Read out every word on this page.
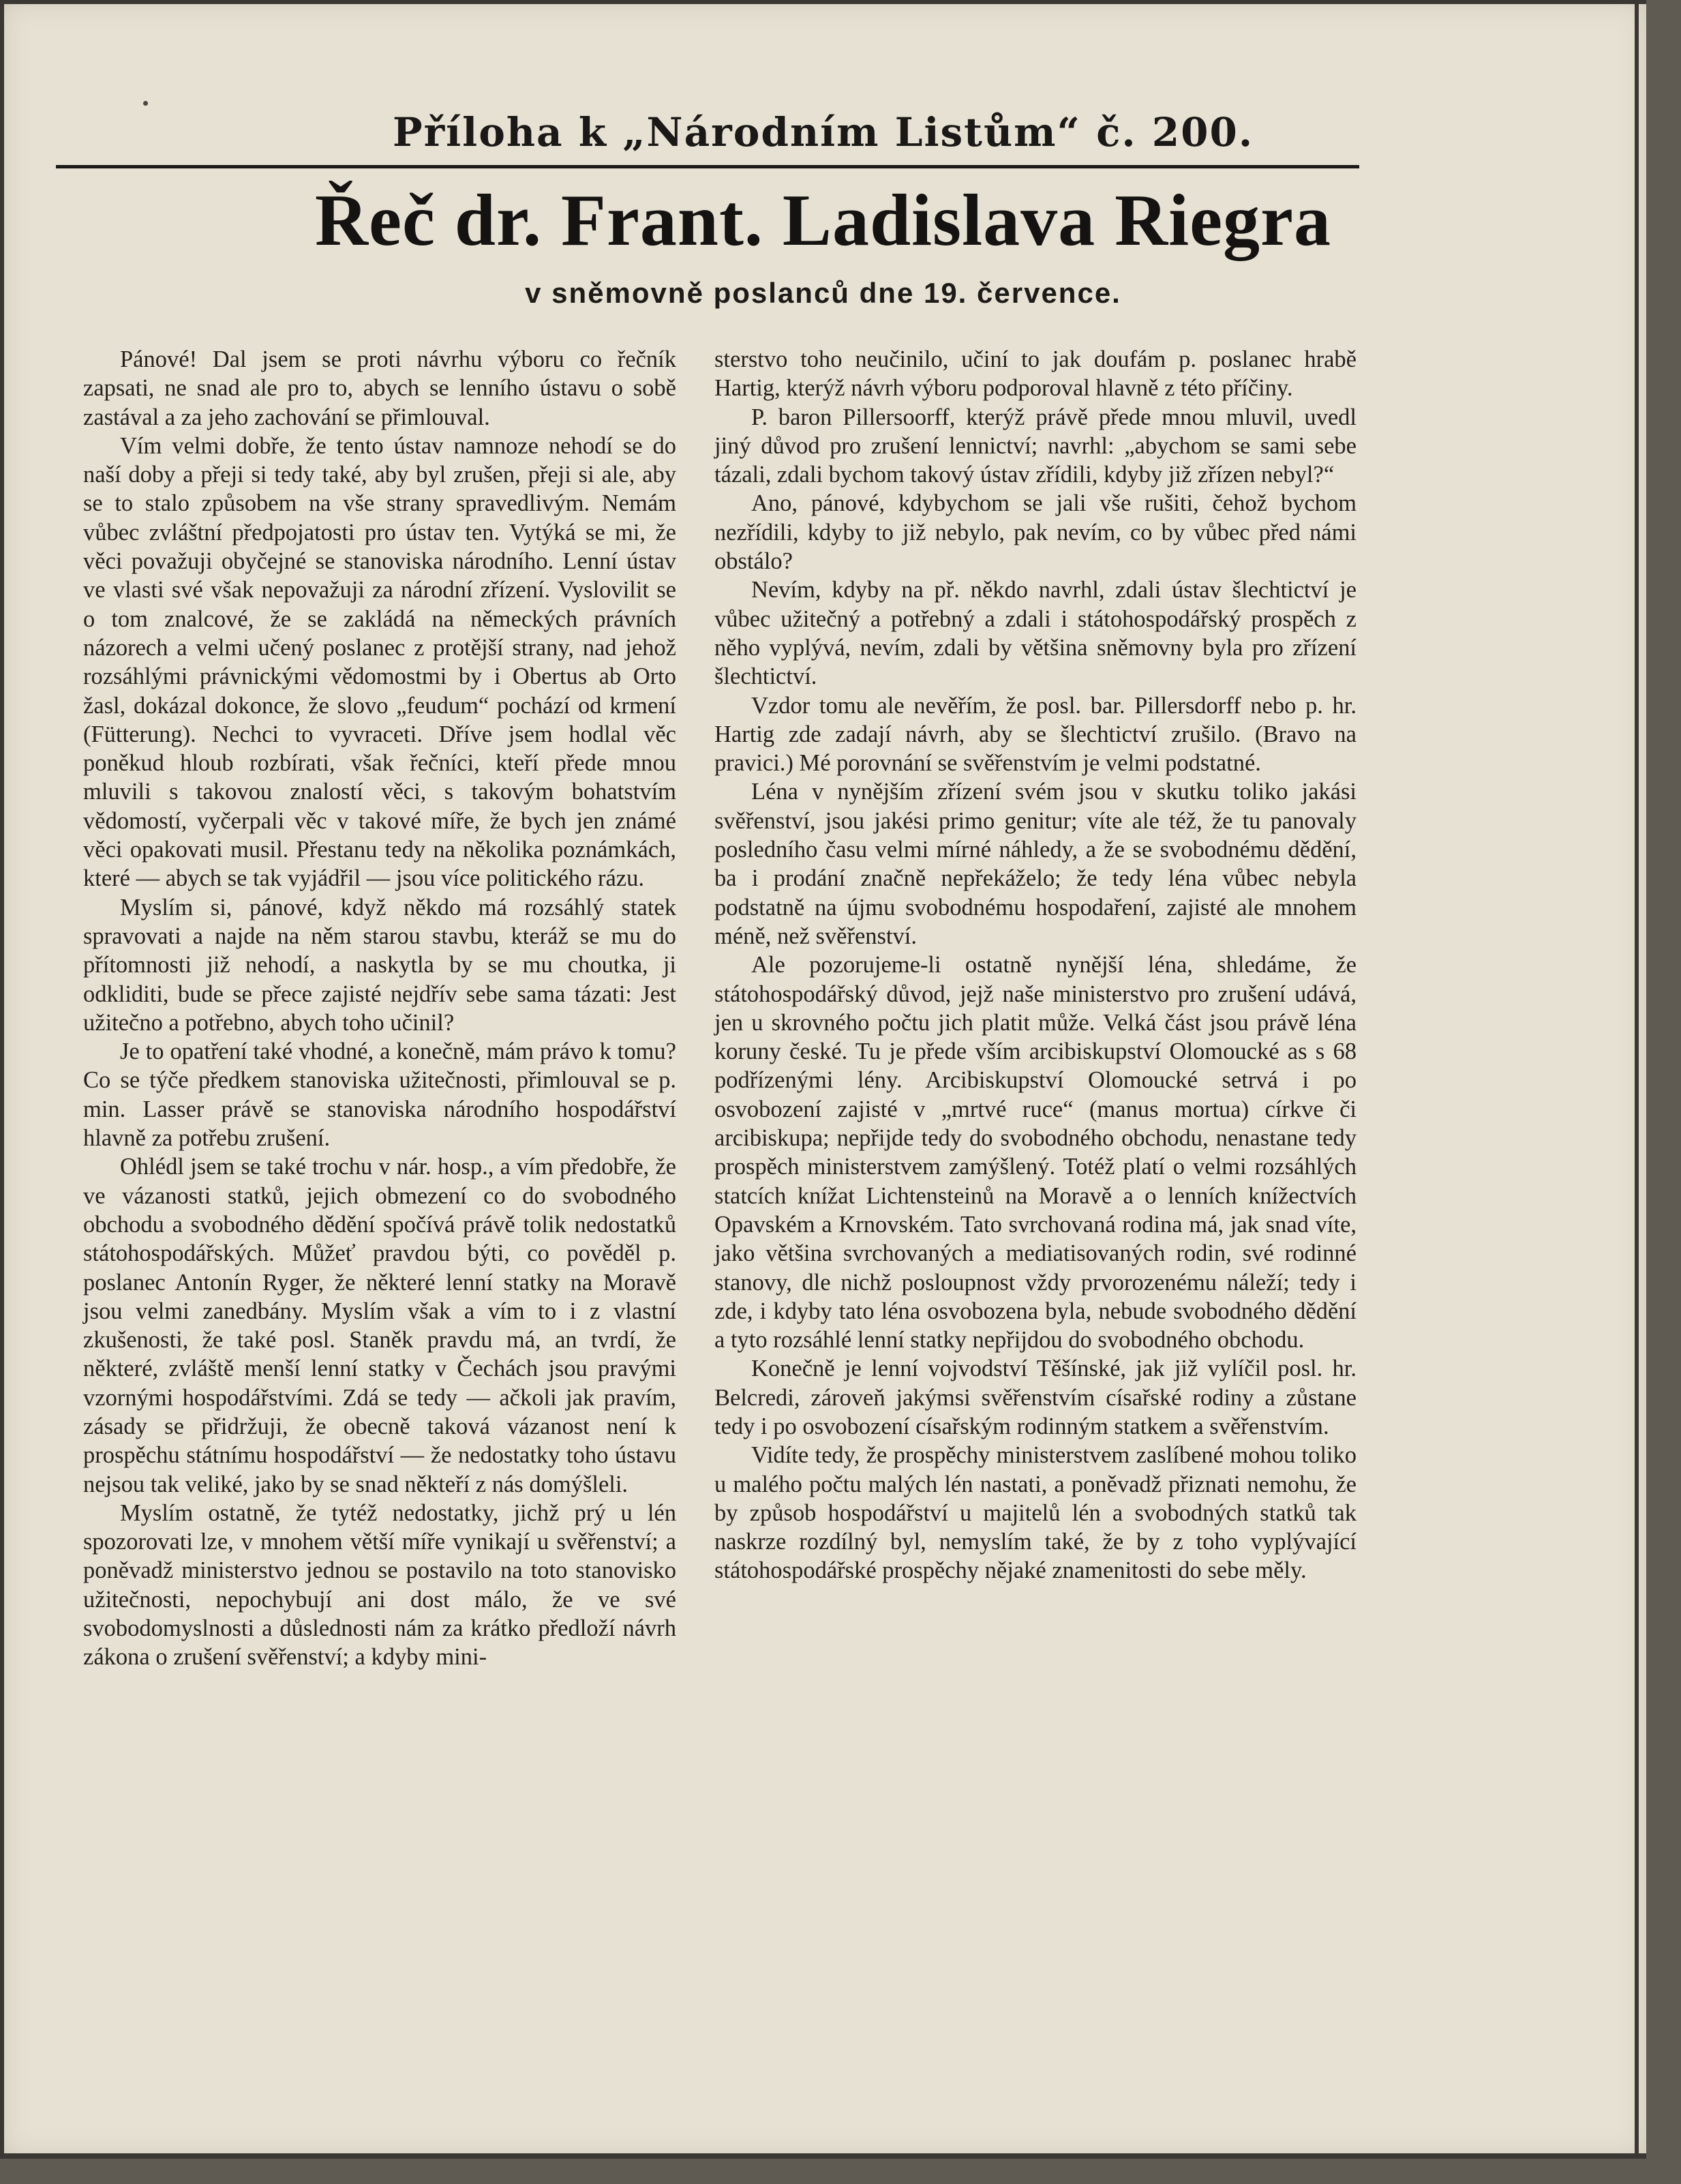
Příloha k „Národním Listům“ č. 200.
Řeč dr. Frant. Ladislava Riegra
v sněmovně poslanců dne 19. července.

Pánové! Dal jsem se proti návrhu výboru co řečník zapsati, ne snad ale pro to, abych se lenního ústavu o sobě zastával a za jeho zachování se přimlouval.

Vím velmi dobře, že tento ústav namnoze nehodí se do naší doby a přeji si tedy také, aby byl zrušen, přeji si ale, aby se to stalo způsobem na vše strany spravedlivým. Nemám vůbec zvláštní předpojatosti pro ústav ten. Vytýká se mi, že věci považuji obyčejné se stanoviska národního. Lenní ústav ve vlasti své však nepovažuji za národní zřízení. Vyslovilit se o tom znalcové, že se zakládá na německých právních názorech a velmi učený poslanec z protější strany, nad jehož rozsáhlými právnickými vědomostmi by i Obertus ab Orto žasl, dokázal dokonce, že slovo „feudum“ pochází od krmení (Fütterung). Nechci to vyvraceti. Dříve jsem hodlal věc poněkud hloub rozbírati, však řečníci, kteří přede mnou mluvili s takovou znalostí věci, s takovým bohatstvím vědomostí, vyčerpali věc v takové míře, že bych jen známé věci opakovati musil. Přestanu tedy na několika poznámkách, které — abych se tak vyjádřil — jsou více politického rázu.

Myslím si, pánové, když někdo má rozsáhlý statek spravovati a najde na něm starou stavbu, kteráž se mu do přítomnosti již nehodí, a naskytla by se mu choutka, ji odkliditi, bude se přece zajisté nejdřív sebe sama tázati: Jest užitečno a potřebno, abych toho učinil?

Je to opatření také vhodné, a konečně, mám právo k tomu? Co se týče předkem stanoviska užitečnosti, přimlouval se p. min. Lasser právě se stanoviska národního hospodářství hlavně za potřebu zrušení.

Ohlédl jsem se také trochu v nár. hosp., a vím předobře, že ve vázanosti statků, jejich obmezení co do svobodného obchodu a svobodného dědění spočívá právě tolik nedostatků státohospodářských. Můžeť pravdou býti, co pověděl p. poslanec Antonín Ryger, že některé lenní statky na Moravě jsou velmi zanedbány. Myslím však a vím to i z vlastní zkušenosti, že také posl. Staněk pravdu má, an tvrdí, že některé, zvláště menší lenní statky v Čechách jsou pravými vzornými hospodářstvími. Zdá se tedy — ačkoli jak pravím, zásady se přidržuji, že obecně taková vázanost není k prospěchu státnímu hospodářství — že nedostatky toho ústavu nejsou tak veliké, jako by se snad někteří z nás domýšleli.

Myslím ostatně, že tytéž nedostatky, jichž prý u lén spozorovati lze, v mnohem větší míře vynikají u svěřenství; a poněvadž ministerstvo jednou se postavilo na toto stanovisko užitečnosti, nepochybují ani dost málo, že ve své svobodomyslnosti a důslednosti nám za krátko předloží návrh zákona o zrušení svěřenství; a kdyby mini-

sterstvo toho neučinilo, učiní to jak doufám p. poslanec hrabě Hartig, kterýž návrh výboru podporoval hlavně z této příčiny.

P. baron Pillersoorff, kterýž právě přede mnou mluvil, uvedl jiný důvod pro zrušení lennictví; navrhl: „abychom se sami sebe tázali, zdali bychom takový ústav zřídili, kdyby již zřízen nebyl?“

Ano, pánové, kdybychom se jali vše rušiti, čehož bychom nezřídili, kdyby to již nebylo, pak nevím, co by vůbec před námi obstálo?

Nevím, kdyby na př. někdo navrhl, zdali ústav šlechtictví je vůbec užitečný a potřebný a zdali i státohospodářský prospěch z něho vyplývá, nevím, zdali by většina sněmovny byla pro zřízení šlechtictví.

Vzdor tomu ale nevěřím, že posl. bar. Pillersdorff nebo p. hr. Hartig zde zadají návrh, aby se šlechtictví zrušilo. (Bravo na pravici.) Mé porovnání se svěřenstvím je velmi podstatné.

Léna v nynějším zřízení svém jsou v skutku toliko jakási svěřenství, jsou jakési primo genitur; víte ale též, že tu panovaly posledního času velmi mírné náhledy, a že se svobodnému dědění, ba i prodání značně nepřekáželo; že tedy léna vůbec nebyla podstatně na újmu svobodnému hospodaření, zajisté ale mnohem méně, než svěřenství.

Ale pozorujeme-li ostatně nynější léna, shledáme, že státohospodářský důvod, jejž naše ministerstvo pro zrušení udává, jen u skrovného počtu jich platit může. Velká část jsou právě léna koruny české. Tu je přede vším arcibiskupství Olomoucké as s 68 podřízenými lény. Arcibiskupství Olomoucké setrvá i po osvobození zajisté v „mrtvé ruce“ (manus mortua) církve či arcibiskupa; nepřijde tedy do svobodného obchodu, nenastane tedy prospěch ministerstvem zamýšlený. Totéž platí o velmi rozsáhlých statcích knížat Lichtensteinů na Moravě a o lenních knížectvích Opavském a Krnovském. Tato svrchovaná rodina má, jak snad víte, jako většina svrchovaných a mediatisovaných rodin, své rodinné stanovy, dle nichž posloupnost vždy prvorozenému náleží; tedy i zde, i kdyby tato léna osvobozena byla, nebude svobodného dědění a tyto rozsáhlé lenní statky nepřijdou do svobodného obchodu.

Konečně je lenní vojvodství Těšínské, jak již vylíčil posl. hr. Belcredi, zároveň jakýmsi svěřenstvím císařské rodiny a zůstane tedy i po osvobození císařským rodinným statkem a svěřenstvím.

Vidíte tedy, že prospěchy ministerstvem zaslíbené mohou toliko u malého počtu malých lén nastati, a poněvadž přiznati nemohu, že by způsob hospodářství u majitelů lén a svobodných statků tak naskrze rozdílný byl, nemyslím také, že by z toho vyplývající státohospodářské prospěchy nějaké znamenitosti do sebe měly.
